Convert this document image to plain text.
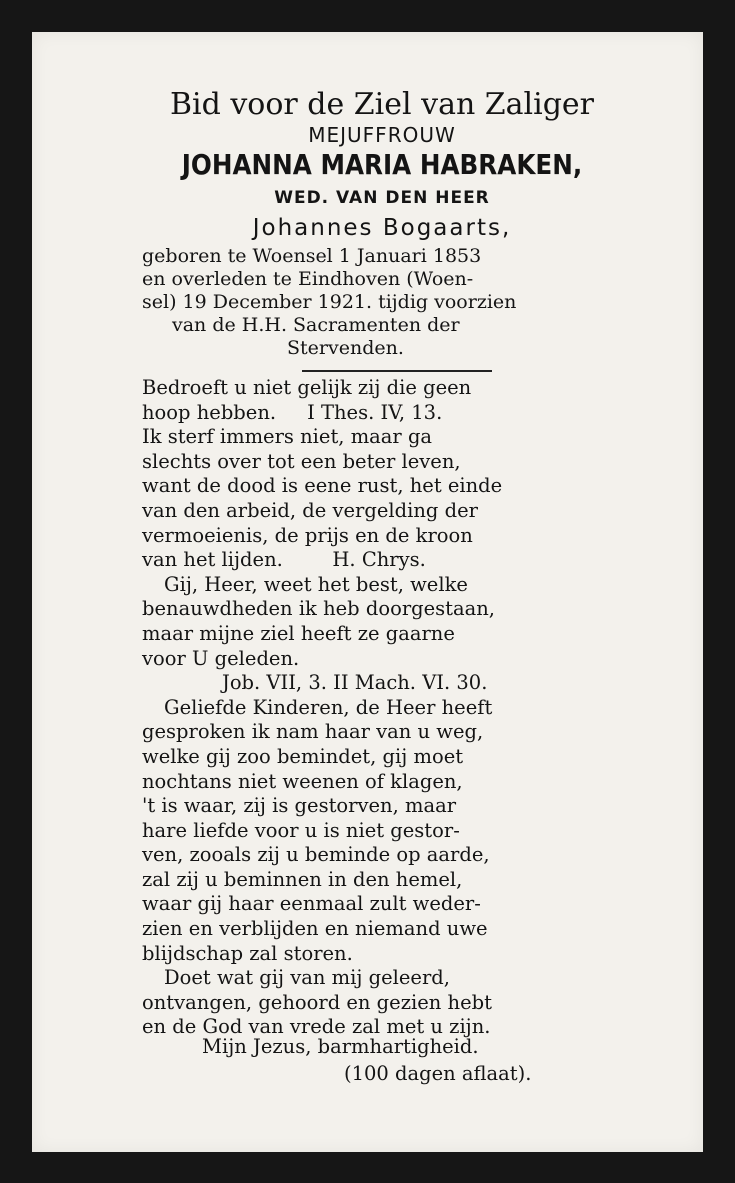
Bid voor de Ziel van Zaliger
MEJUFFROUW
JOHANNA MARIA HABRAKEN,
WED. VAN DEN HEER
Johannes Bogaarts,
geboren te Woensel 1 Januari 1853
en overleden te Eindhoven (Woen-
sel) 19 December 1921. tijdig voorzien
van de H.H. Sacramenten der
Stervenden.
Bedroeft u niet gelijk zij die geen
hoop hebben.     I Thes. IV, 13.
Ik sterf immers niet, maar ga
slechts over tot een beter leven,
want de dood is eene rust, het einde
van den arbeid, de vergelding der
vermoeienis, de prijs en de kroon
van het lijden.        H. Chrys.
Gij, Heer, weet het best, welke
benauwdheden ik heb doorgestaan,
maar mijne ziel heeft ze gaarne
voor U geleden.
Job. VII, 3. II Mach. VI. 30.
Geliefde Kinderen, de Heer heeft
gesproken ik nam haar van u weg,
welke gij zoo bemindet, gij moet
nochtans niet weenen of klagen,
't is waar, zij is gestorven, maar
hare liefde voor u is niet gestor-
ven, zooals zij u beminde op aarde,
zal zij u beminnen in den hemel,
waar gij haar eenmaal zult weder-
zien en verblijden en niemand uwe
blijdschap zal storen.
Doet wat gij van mij geleerd,
ontvangen, gehoord en gezien hebt
en de God van vrede zal met u zijn.
Mijn Jezus, barmhartigheid.
(100 dagen aflaat).
